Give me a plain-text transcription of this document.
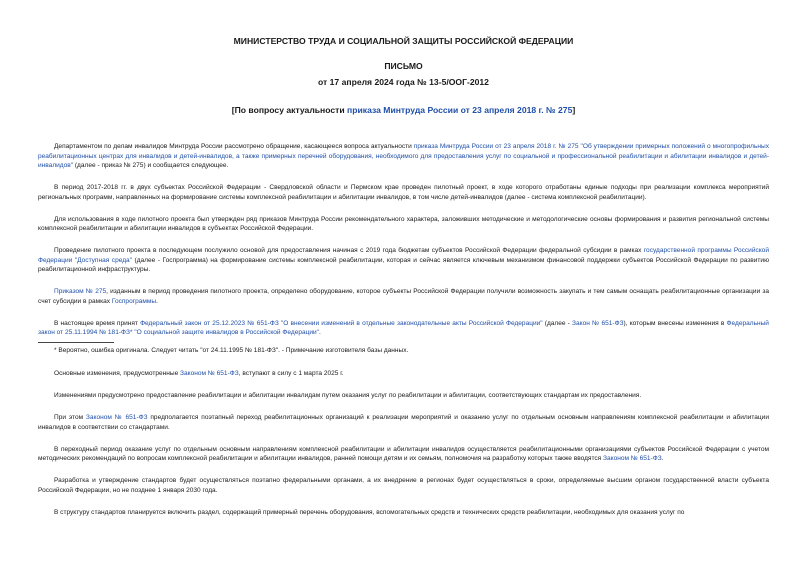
МИНИСТЕРСТВО ТРУДА И СОЦИАЛЬНОЙ ЗАЩИТЫ РОССИЙСКОЙ ФЕДЕРАЦИИ
ПИСЬМО
от 17 апреля 2024 года № 13-5/ООГ-2012
[По вопросу актуальности приказа Минтруда России от 23 апреля 2018 г. № 275]

Департаментом по делам инвалидов Минтруда России рассмотрено обращение, касающееся вопроса актуальности приказа Минтруда России от 23 апреля 2018 г. № 275 "Об утверждении примерных положений о многопрофильных реабилитационных центрах для инвалидов и детей-инвалидов, а также примерных перечней оборудования, необходимого для предоставления услуг по социальной и профессиональной реабилитации и абилитации инвалидов и детей-инвалидов" (далее - приказ № 275) и сообщается следующее.

В период 2017-2018 гг. в двух субъектах Российской Федерации - Свердловской области и Пермском крае проведен пилотный проект, в ходе которого отработаны единые подходы при реализации комплекса мероприятий региональных программ, направленных на формирование системы комплексной реабилитации и абилитации инвалидов, в том числе детей-инвалидов (далее - система комплексной реабилитации).

Для использования в ходе пилотного проекта был утвержден ряд приказов Минтруда России рекомендательного характера, заложивших методические и методологические основы формирования и развития региональной системы комплексной реабилитации и абилитации инвалидов в субъектах Российской Федерации.

Проведение пилотного проекта в последующем послужило основой для предоставления начиная с 2019 года бюджетам субъектов Российской Федерации федеральной субсидии в рамках государственной программы Российской Федерации "Доступная среда" (далее - Госпрограмма) на формирование системы комплексной реабилитации, которая и сейчас является ключевым механизмом финансовой поддержки субъектов Российской Федерации по развитию реабилитационной инфраструктуры.

Приказом № 275, изданным в период проведения пилотного проекта, определено оборудование, которое субъекты Российской Федерации получили возможность закупать и тем самым оснащать реабилитационные организации за счет субсидии в рамках Госпрограммы.

В настоящее время принят Федеральный закон от 25.12.2023 № 651-ФЗ "О внесении изменений в отдельные законодательные акты Российской Федерации" (далее - Закон № 651-ФЗ), которым внесены изменения в Федеральный закон от 25.11.1994 № 181-ФЗ* "О социальной защите инвалидов в Российской Федерации".

* Вероятно, ошибка оригинала. Следует читать "от 24.11.1995 № 181-ФЗ". - Примечание изготовителя базы данных.

Основные изменения, предусмотренные Законом № 651-ФЗ, вступают в силу с 1 марта 2025 г.

Изменениями предусмотрено предоставление реабилитации и абилитации инвалидам путем оказания услуг по реабилитации и абилитации, соответствующих стандартам их предоставления.

При этом Законом № 651-ФЗ предполагается поэтапный переход реабилитационных организаций к реализации мероприятий и оказанию услуг по отдельным основным направлениям комплексной реабилитации и абилитации инвалидов в соответствии со стандартами.

В переходный период оказание услуг по отдельным основным направлениям комплексной реабилитации и абилитации инвалидов осуществляется реабилитационными организациями субъектов Российской Федерации с учетом методических рекомендаций по вопросам комплексной реабилитации и абилитации инвалидов, ранней помощи детям и их семьям, полномочия на разработку которых также вводятся Законом № 651-ФЗ.

Разработка и утверждение стандартов будет осуществляться поэтапно федеральными органами, а их внедрение в регионах будет осуществляться в сроки, определяемые высшим органом государственной власти субъекта Российской Федерации, но не позднее 1 января 2030 года.

В структуру стандартов планируется включить раздел, содержащий примерный перечень оборудования, вспомогательных средств и технических средств реабилитации, необходимых для оказания услуг по
